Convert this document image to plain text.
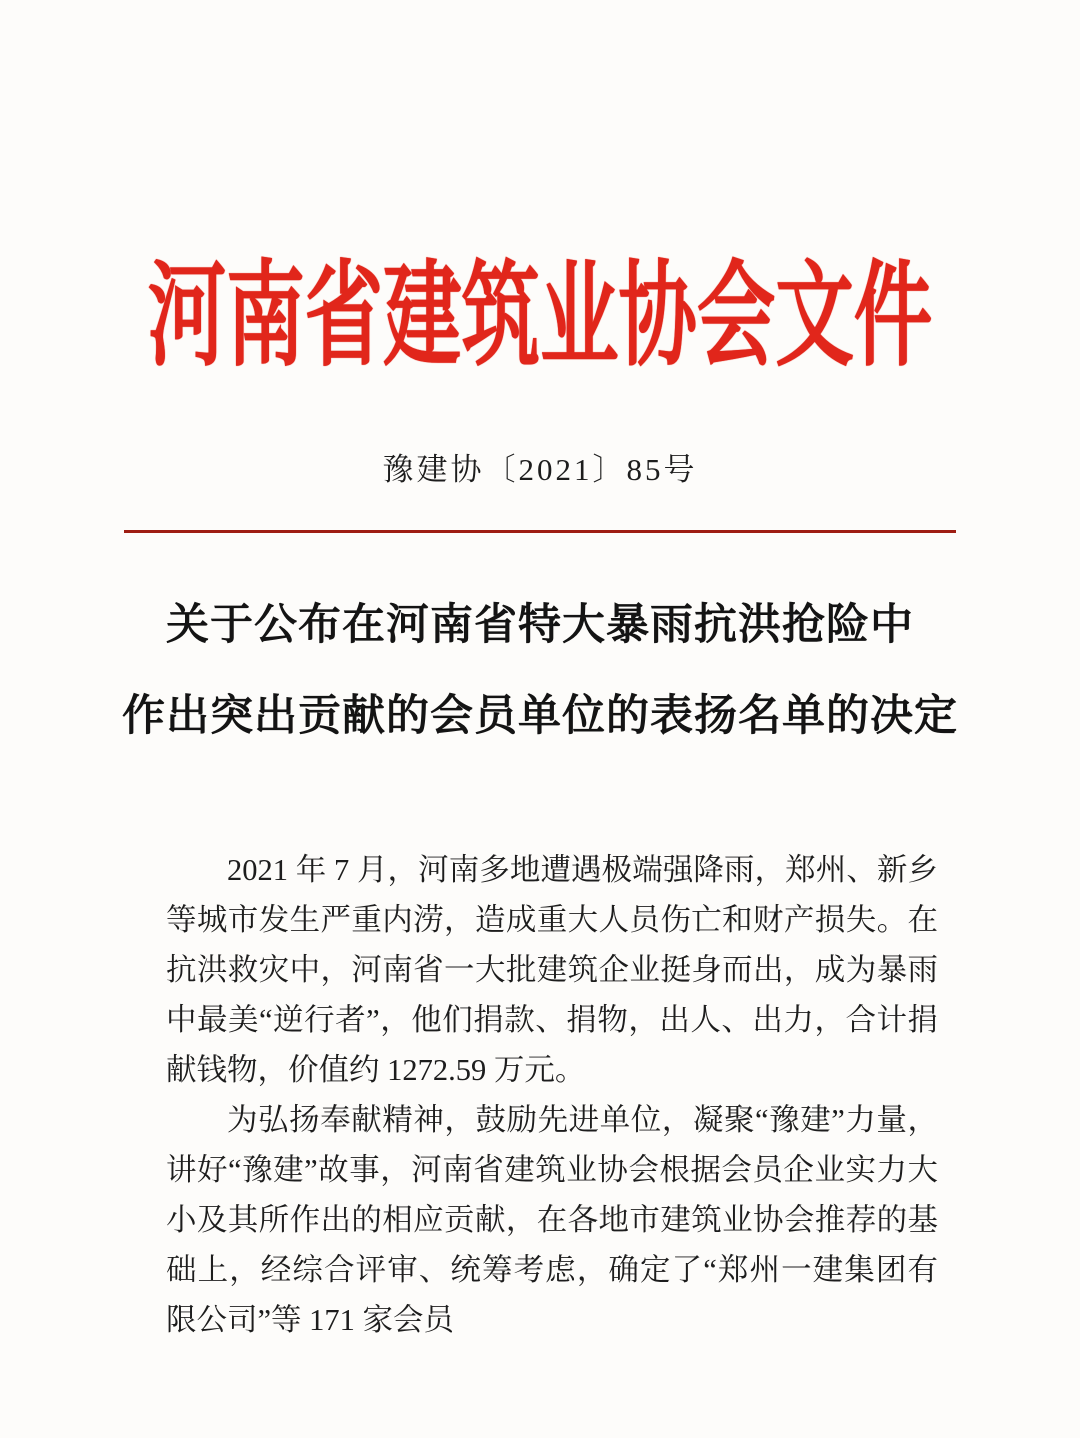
河南省建筑业协会文件
豫建协〔2021〕85号
关于公布在河南省特大暴雨抗洪抢险中
作出突出贡献的会员单位的表扬名单的决定

2021 年 7 月，河南多地遭遇极端强降雨，郑州、新乡等城市发生严重内涝，造成重大人员伤亡和财产损失。在抗洪救灾中，河南省一大批建筑企业挺身而出，成为暴雨中最美“逆行者”，他们捐款、捐物，出人、出力，合计捐献钱物，价值约 1272.59 万元。

为弘扬奉献精神，鼓励先进单位，凝聚“豫建”力量，讲好“豫建”故事，河南省建筑业协会根据会员企业实力大小及其所作出的相应贡献，在各地市建筑业协会推荐的基础上，经综合评审、统筹考虑，确定了“郑州一建集团有限公司”等 171 家会员
